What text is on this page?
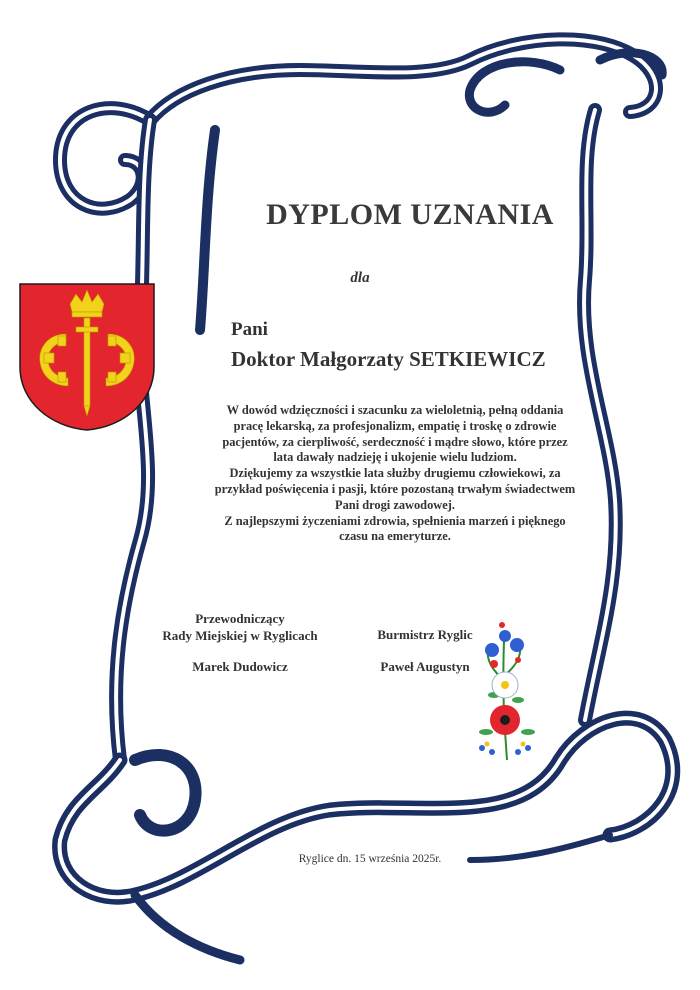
DYPLOM UZNANIA
dla
Pani
Doktor Małgorzaty SETKIEWICZ
W dowód wdzięczności i szacunku za wieloletnią, pełną oddania
pracę lekarską, za profesjonalizm, empatię i troskę o zdrowie
pacjentów, za cierpliwość, serdeczność i mądre słowo, które przez
lata dawały nadzieję i ukojenie wielu ludziom.
Dziękujemy za wszystkie lata służby drugiemu człowiekowi, za
przykład poświęcenia i pasji, które pozostaną trwałym świadectwem
Pani drogi zawodowej.
Z najlepszymi życzeniami zdrowia, spełnienia marzeń i pięknego
czasu na emeryturze.
Przewodniczący
Rady Miejskiej w Ryglicach
Marek Dudowicz
Burmistrz Ryglic
Paweł Augustyn
Ryglice dn. 15 września 2025r.
